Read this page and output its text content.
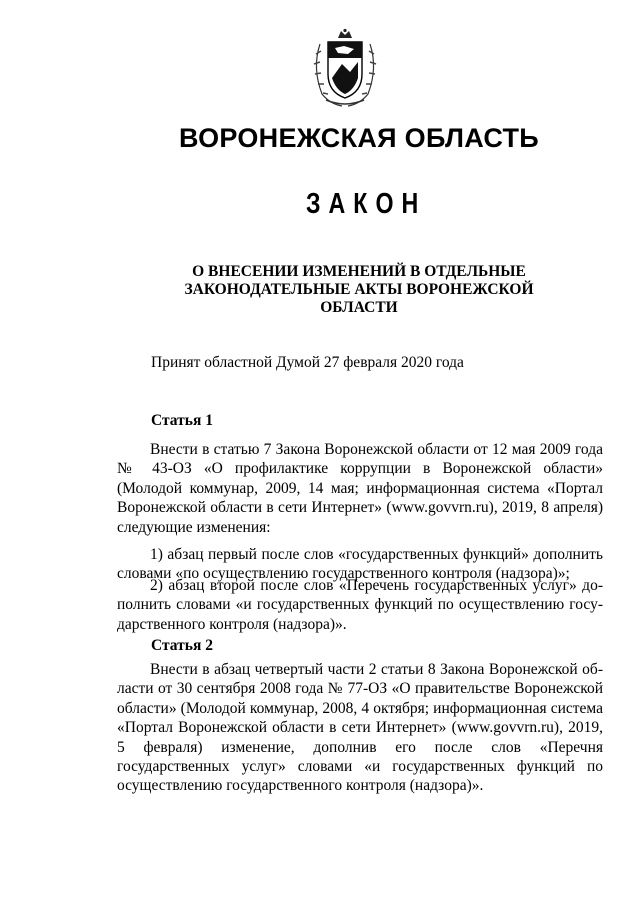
ВОРОНЕЖСКАЯ ОБЛАСТЬ
ЗАКОН
О ВНЕСЕНИИ ИЗМЕНЕНИЙ В ОТДЕЛЬНЫЕ
ЗАКОНОДАТЕЛЬНЫЕ АКТЫ ВОРОНЕЖСКОЙ
ОБЛАСТИ
Принят областной Думой 27 февраля 2020 года
Статья 1
Внести в статью 7 Закона Воронежской области от 12 мая 2009 года № 43-ОЗ «О профилактике коррупции в Воронежской области» (Молодой коммунар, 2009, 14 мая; информационная система «Портал Воронежской области в сети Интернет» (www.govvrn.ru), 2019, 8 апреля) следующие изменения:
1) абзац первый после слов «государственных функций» дополнить словами «по осуществлению государственного контроля (надзора)»;
2) абзац второй после слов «Перечень государственных услуг» дополнить словами «и государственных функций по осуществлению государственного контроля (надзора)».
Статья 2
Внести в абзац четвертый части 2 статьи 8 Закона Воронежской области от 30 сентября 2008 года № 77-ОЗ «О правительстве Воронежской области» (Молодой коммунар, 2008, 4 октября; информационная система «Портал Воронежской области в сети Интернет» (www.govvrn.ru), 2019, 5 февраля) изменение, дополнив его после слов «Перечня государственных услуг» словами «и государственных функций по осуществлению государственного контроля (надзора)».
